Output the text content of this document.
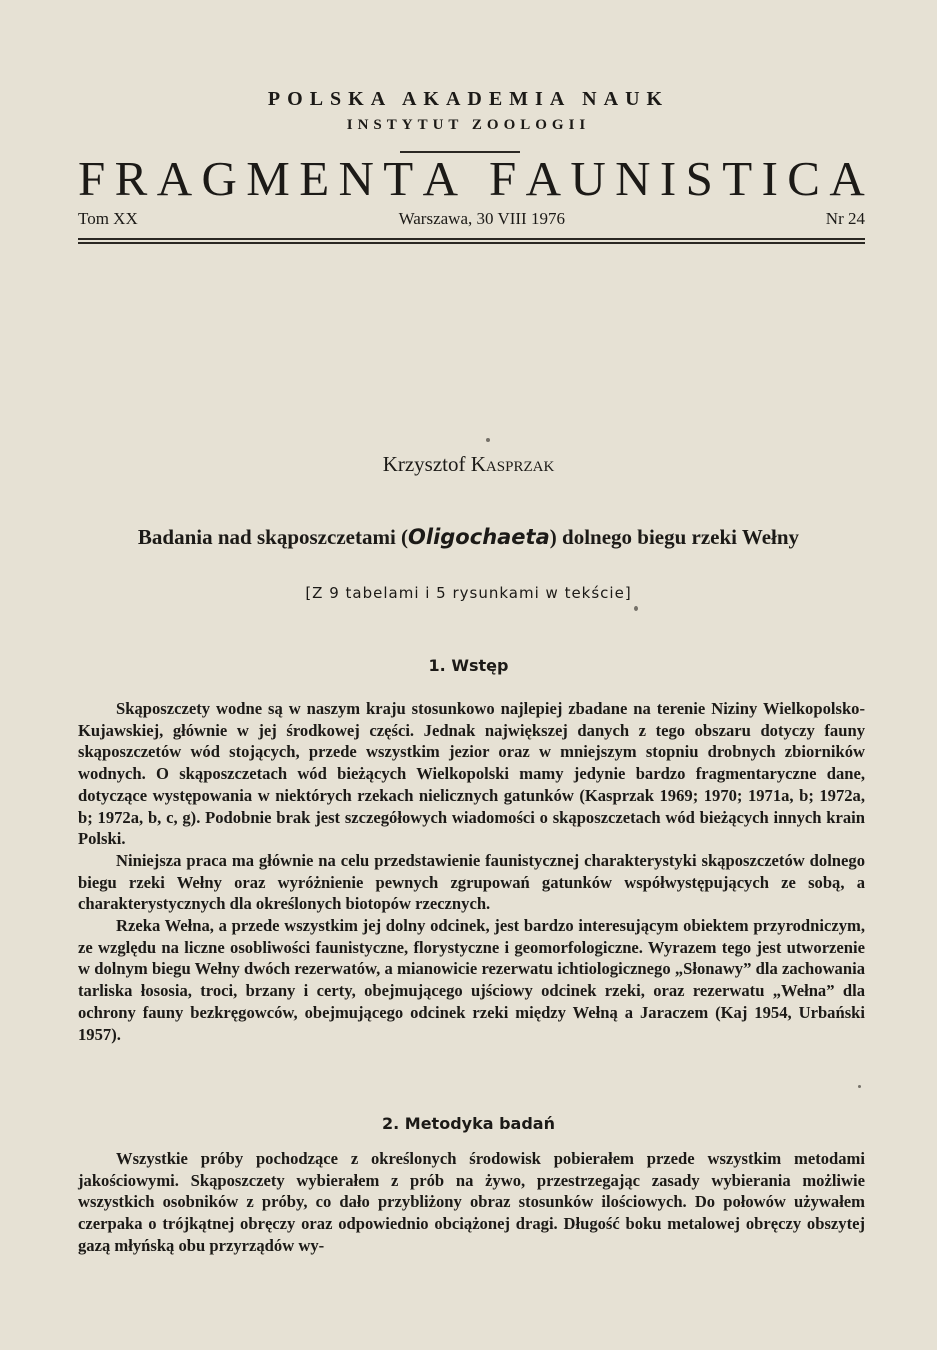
POLSKA AKADEMIA NAUK
INSTYTUT ZOOLOGII
F R A G M E N T A
F A U N I S T I C A
Tom XX	Warszawa, 30 VIII 1976	Nr 24
Krzysztof Kasprzak
Badania nad skąposzczetami (Oligochaeta) dolnego biegu rzeki Wełny
[Z 9 tabelami i 5 rysunkami w tekście]
1. Wstęp

Skąposzczety wodne są w naszym kraju stosunkowo najlepiej zbadane na terenie Niziny Wielkopolsko-Kujawskiej, głównie w jej środkowej części. Jednak największej danych z tego obszaru dotyczy fauny skąposzczetów wód stojących, przede wszystkim jezior oraz w mniejszym stopniu drobnych zbiorników wodnych. O skąposzczetach wód bieżących Wielkopolski mamy jedynie bardzo fragmentaryczne dane, dotyczące występowania w niektórych rzekach nielicznych gatunków (Kasprzak 1969; 1970; 1971a, b; 1972a, b; 1972a, b, c, g). Podobnie brak jest szczegółowych wiadomości o skąposzczetach wód bieżących innych krain Polski.

Niniejsza praca ma głównie na celu przedstawienie faunistycznej charakterystyki skąposzczetów dolnego biegu rzeki Wełny oraz wyróżnienie pewnych zgrupowań gatunków współwystępujących ze sobą, a charakterystycznych dla określonych biotopów rzecznych.

Rzeka Wełna, a przede wszystkim jej dolny odcinek, jest bardzo interesującym obiektem przyrodniczym, ze względu na liczne osobliwości faunistyczne, florystyczne i geomorfologiczne. Wyrazem tego jest utworzenie w dolnym biegu Wełny dwóch rezerwatów, a mianowicie rezerwatu ichtiologicznego „Słonawy” dla zachowania tarliska łososia, troci, brzany i certy, obejmującego ujściowy odcinek rzeki, oraz rezerwatu „Wełna” dla ochrony fauny bezkręgowców, obejmującego odcinek rzeki między Wełną a Jaraczem (Kaj 1954, Urbański 1957).

2. Metodyka badań

Wszystkie próby pochodzące z określonych środowisk pobierałem przede wszystkim metodami jakościowymi. Skąposzczety wybierałem z prób na żywo, przestrzegając zasady wybierania możliwie wszystkich osobników z próby, co dało przybliżony obraz stosunków ilościowych. Do połowów używałem czerpaka o trójkątnej obręczy oraz odpowiednio obciążonej dragi. Długość boku metalowej obręczy obszytej gazą młyńską obu przyrządów wy-
